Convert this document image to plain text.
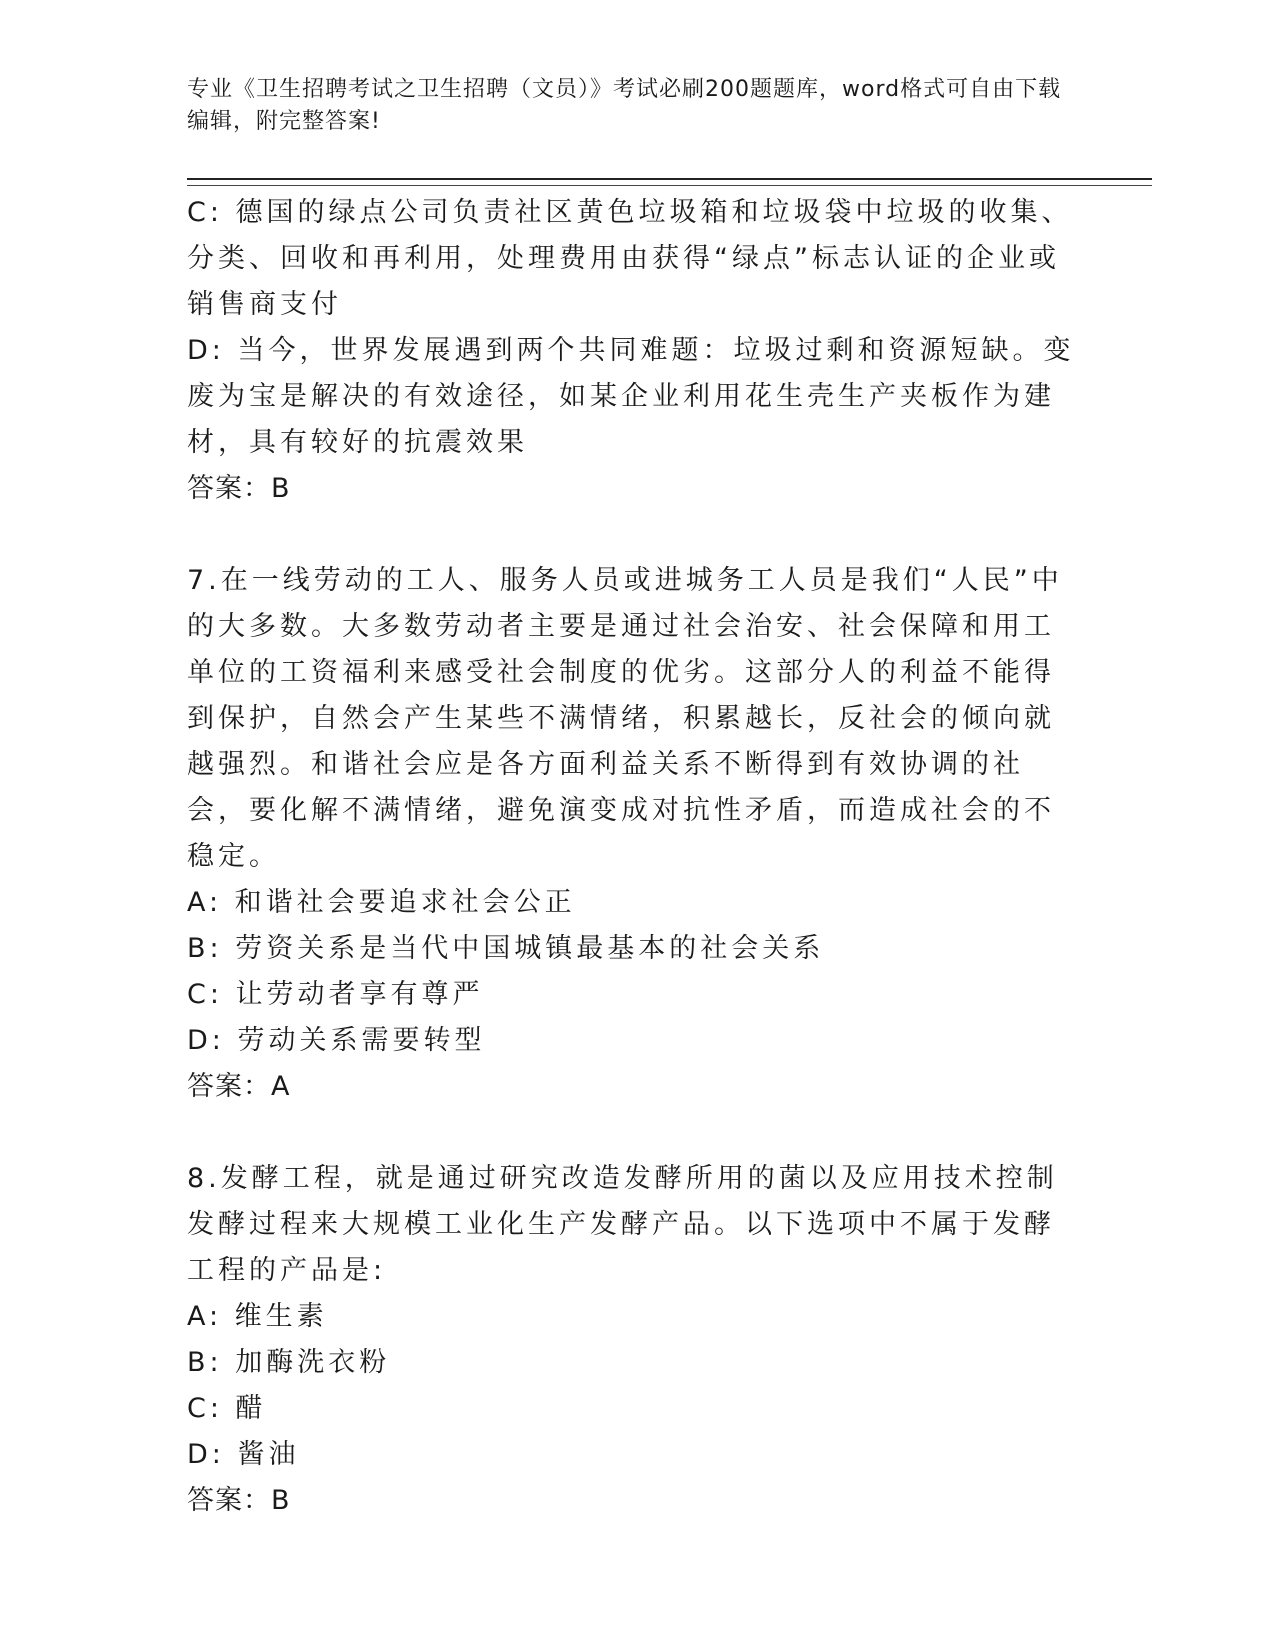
专业《卫生招聘考试之卫生招聘（文员）》考试必刷200题题库，word格式可自由下载编辑，附完整答案!

C: 德国的绿点公司负责社区黄色垃圾箱和垃圾袋中垃圾的收集、分类、回收和再利用，处理费用由获得“绿点”标志认证的企业或销售商支付

D: 当今，世界发展遇到两个共同难题：垃圾过剩和资源短缺。变废为宝是解决的有效途径，如某企业利用花生壳生产夹板作为建材，具有较好的抗震效果

答案：B

7.在一线劳动的工人、服务人员或进城务工人员是我们“人民”中的大多数。大多数劳动者主要是通过社会治安、社会保障和用工单位的工资福利来感受社会制度的优劣。这部分人的利益不能得到保护，自然会产生某些不满情绪，积累越长，反社会的倾向就越强烈。和谐社会应是各方面利益关系不断得到有效协调的社会，要化解不满情绪，避免演变成对抗性矛盾，而造成社会的不稳定。

A: 和谐社会要追求社会公正

B: 劳资关系是当代中国城镇最基本的社会关系

C: 让劳动者享有尊严

D: 劳动关系需要转型

答案：A

8.发酵工程，就是通过研究改造发酵所用的菌以及应用技术控制发酵过程来大规模工业化生产发酵产品。以下选项中不属于发酵工程的产品是:

A: 维生素

B: 加酶洗衣粉

C: 醋

D: 酱油

答案：B
